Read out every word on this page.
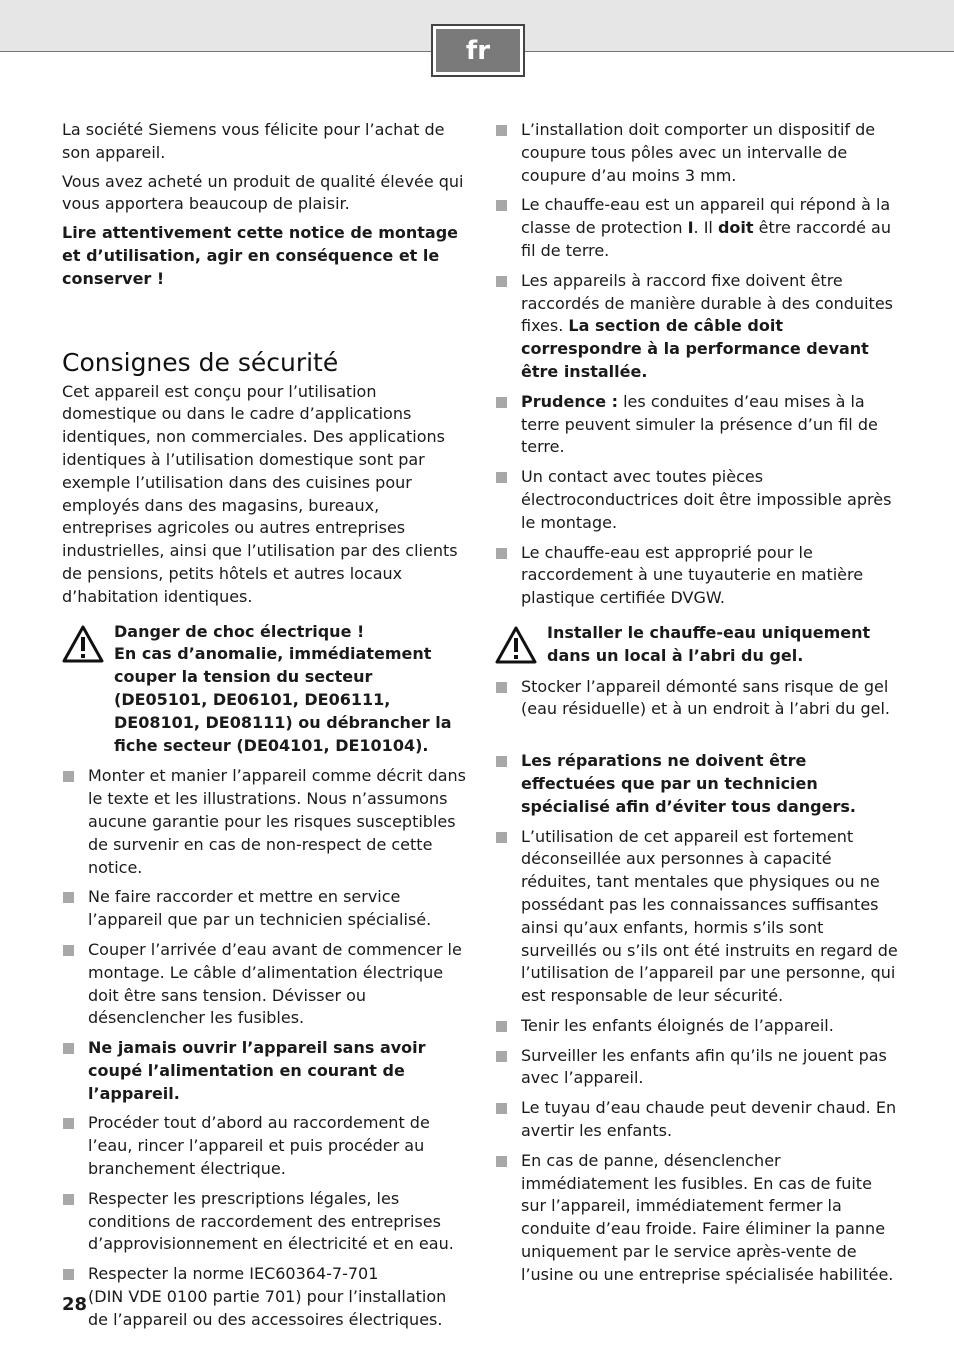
fr

La société Siemens vous félicite pour l’achat de son appareil.

Vous avez acheté un produit de qualité élevée qui vous apportera beaucoup de plaisir.

Lire attentivement cette notice de montage et d’utilisation, agir en conséquence et le conserver !

Consignes de sécurité

Cet appareil est conçu pour l’utilisation domestique ou dans le cadre d’applications identiques, non commerciales. Des applications identiques à l’utilisation domestique sont par exemple l’utilisation dans des cuisines pour employés dans des magasins, bureaux, entreprises agricoles ou autres entreprises industrielles, ainsi que l’utilisation par des clients de pensions, petits hôtels et autres locaux d’habitation identiques.

Danger de choc électrique !

En cas d’anomalie, immédiatement couper la tension du secteur (DE05101, DE06101, DE06111, DE08101, DE08111) ou débrancher la fiche secteur (DE04101, DE10104).

Monter et manier l’appareil comme décrit dans le texte et les illustrations. Nous n’assumons aucune garantie pour les risques susceptibles de survenir en cas de non-respect de cette notice.
Ne faire raccorder et mettre en service l’appareil que par un technicien spécialisé.
Couper l’arrivée d’eau avant de commencer le montage. Le câble d’alimentation électrique doit être sans tension. Dévisser ou désenclencher les fusibles.
Ne jamais ouvrir l’appareil sans avoir coupé l’alimentation en courant de l’appareil.
Procéder tout d’abord au raccordement de l’eau, rincer l’appareil et puis procéder au branchement électrique.
Respecter les prescriptions légales, les conditions de raccordement des entreprises d’approvisionnement en électricité et en eau.
Respecter la norme IEC60364-7-701
(DIN VDE 0100 partie 701) pour l’installation de l’appareil ou des accessoires électriques.
L’installation doit comporter un dispositif de coupure tous pôles avec un intervalle de coupure d’au moins 3 mm.
Le chauffe-eau est un appareil qui répond à la classe de protection I. Il doit être raccordé au fil de terre.
Les appareils à raccord fixe doivent être raccordés de manière durable à des conduites fixes. La section de câble doit correspondre à la performance devant être installée.
Prudence : les conduites d’eau mises à la terre peuvent simuler la présence d’un fil de terre.
Un contact avec toutes pièces électroconductrices doit être impossible après le montage.
Le chauffe-eau est approprié pour le raccordement à une tuyauterie en matière plastique certifiée DVGW.

Installer le chauffe-eau uniquement dans un local à l’abri du gel.

Stocker l’appareil démonté sans risque de gel (eau résiduelle) et à un endroit à l’abri du gel.
Les réparations ne doivent être effectuées que par un technicien spécialisé afin d’éviter tous dangers.
L’utilisation de cet appareil est fortement déconseillée aux personnes à capacité réduites, tant mentales que physiques ou ne possédant pas les connaissances suffisantes ainsi qu’aux enfants, hormis s’ils sont surveillés ou s’ils ont été instruits en regard de l’utilisation de l’appareil par une personne, qui est responsable de leur sécurité.
Tenir les enfants éloignés de l’appareil.
Surveiller les enfants afin qu’ils ne jouent pas avec l’appareil.
Le tuyau d’eau chaude peut devenir chaud. En avertir les enfants.
En cas de panne, désenclencher immédiatement les fusibles. En cas de fuite sur l’appareil, immédiatement fermer la conduite d’eau froide. Faire éliminer la panne uniquement par le service après-vente de l’usine ou une entreprise spécialisée habilitée.
28
